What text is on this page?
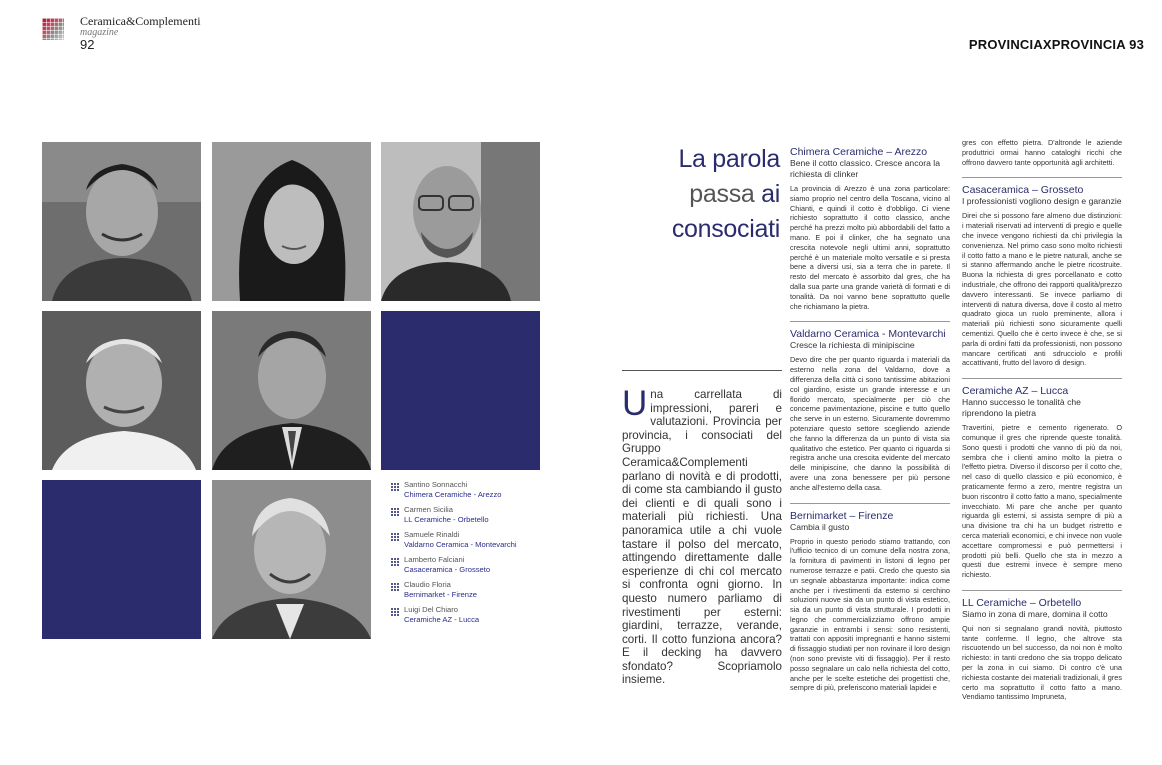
Ceramica&Complementi
magazine
92
Santino Sonnacchi
Chimera Ceramiche - Arezzo
Carmen Sicilia
LL Ceramiche - Orbetello
Samuele Rinaldi
Valdarno Ceramica - Montevarchi
Lamberto Falciani
Casaceramica - Grosseto
Claudio Floria
Bernimarket - Firenze
Luigi Del Chiaro
Ceramiche AZ - Lucca
PROVINCIAXPROVINCIA 93
La parola
passa ai
consociati
Una carrellata di impressioni, pareri e valutazioni. Provincia per provincia, i consociati del Gruppo Ceramica&Complementi parlano di novità e di prodotti, di come sta cambiando il gusto dei clienti e di quali sono i materiali più richiesti. Una panoramica utile a chi vuole tastare il polso del mercato, attingendo direttamente dalle esperienze di chi col mercato si confronta ogni giorno. In questo numero parliamo di rivestimenti per esterni: giardini, terrazze, verande, corti. Il cotto funziona ancora? E il decking ha davvero sfondato? Scopriamolo insieme.
Chimera Ceramiche – Arezzo
Bene il cotto classico. Cresce ancora la richiesta di clinker

La provincia di Arezzo è una zona particolare: siamo proprio nel centro della Toscana, vicino al Chianti, e quindi il cotto è d'obbligo. Ci viene richiesto soprattutto il cotto classico, anche perché ha prezzi molto più abbordabili del fatto a mano. E poi il clinker, che ha segnato una crescita notevole negli ultimi anni, soprattutto perché è un materiale molto versatile e si presta bene a diversi usi, sia a terra che in parete. Il resto del mercato è assorbito dal gres, che ha dalla sua parte una grande varietà di formati e di tonalità. Da noi vanno bene soprattutto quelle che richiamano la pietra.

Valdarno Ceramica - Montevarchi
Cresce la richiesta di minipiscine

Devo dire che per quanto riguarda i materiali da esterno nella zona del Valdarno, dove a differenza della città ci sono tantissime abitazioni col giardino, esiste un grande interesse e un florido mercato, specialmente per ciò che concerne pavimentazione, piscine e tutto quello che serve in un esterno. Sicuramente dovremmo potenziare questo settore scegliendo aziende che fanno la differenza da un punto di vista sia qualitativo che estetico. Per quanto ci riguarda si registra anche una crescita evidente del mercato delle minipiscine, che danno la possibilità di avere una zona benessere per più persone anche all'esterno della casa.

Bernimarket – Firenze
Cambia il gusto

Proprio in questo periodo stiamo trattando, con l'ufficio tecnico di un comune della nostra zona, la fornitura di pavimenti in listoni di legno per numerose terrazze e patii. Credo che questo sia un segnale abbastanza importante: indica come anche per i rivestimenti da esterno si cerchino soluzioni nuove sia da un punto di vista estetico, sia da un punto di vista strutturale. I prodotti in legno che commercializziamo offrono ampie garanzie in entrambi i sensi: sono resistenti, trattati con appositi impregnanti e hanno sistemi di fissaggio studiati per non rovinare il loro design (non sono previste viti di fissaggio). Per il resto posso segnalare un calo nella richiesta del cotto, anche per le scelte estetiche dei progettisti che, sempre di più, preferiscono materiali lapidei e

gres con effetto pietra. D'altronde le aziende produttrici ormai hanno cataloghi ricchi che offrono davvero tante opportunità agli architetti.

Casaceramica – Grosseto
I professionisti vogliono design e garanzie

Direi che si possono fare almeno due distinzioni: i materiali riservati ad interventi di pregio e quelle che invece vengono richiesti da chi privilegia la convenienza. Nel primo caso sono molto richiesti il cotto fatto a mano e le pietre naturali, anche se si stanno affermando anche le pietre ricostruite. Buona la richiesta di gres porcellanato e cotto industriale, che offrono dei rapporti qualità/prezzo davvero interessanti. Se invece parliamo di interventi di natura diversa, dove il costo al metro quadrato gioca un ruolo preminente, allora i materiali più richiesti sono sicuramente quelli cementizi. Quello che è certo invece è che, se si parla di ordini fatti da professionisti, non possono mancare certificati anti sdrucciolo e profili accattivanti, frutto del lavoro di design.

Ceramiche AZ – Lucca
Hanno successo le tonalità che riprendono la pietra

Travertini, pietre e cemento rigenerato. O comunque il gres che riprende queste tonalità. Sono questi i prodotti che vanno di più da noi, sembra che i clienti amino molto la pietra o l'effetto pietra. Diverso il discorso per il cotto che, nel caso di quello classico e più economico, è praticamente fermo a zero, mentre registra un buon riscontro il cotto fatto a mano, specialmente invecchiato. Mi pare che anche per quanto riguarda gli esterni, si assista sempre di più a una divisione tra chi ha un budget ristretto e cerca materiali economici, e chi invece non vuole accettare compromessi e può permettersi i prodotti più belli. Quello che sta in mezzo a questi due estremi invece è sempre meno richiesto.

LL Ceramiche – Orbetello
Siamo in zona di mare, domina il cotto

Qui non si segnalano grandi novità, piuttosto tante conferme. Il legno, che altrove sta riscuotendo un bel successo, da noi non è molto richiesto: in tanti credono che sia troppo delicato per la zona in cui siamo. Di contro c'è una richiesta costante dei materiali tradizionali, il gres certo ma soprattutto il cotto fatto a mano. Vendiamo tantissimo Impruneta,
